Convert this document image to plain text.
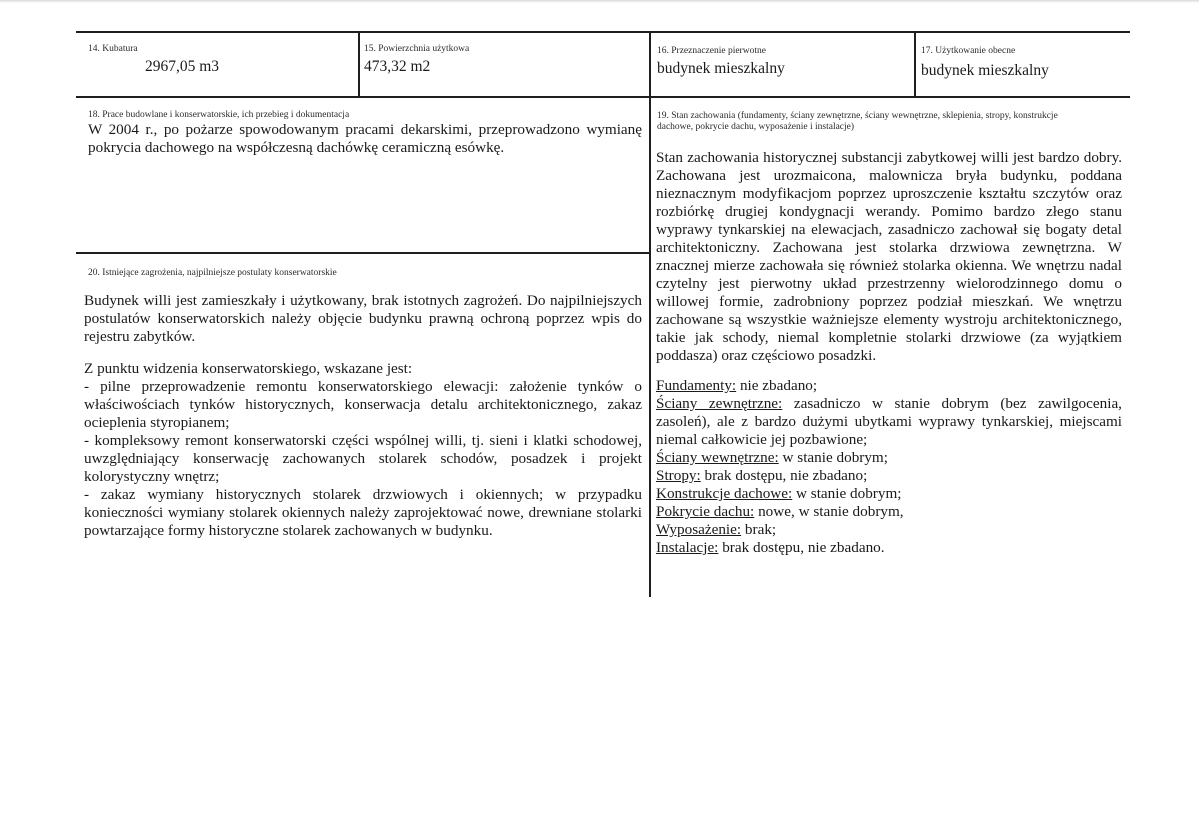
14. Kubatura
2967,05 m3
15. Powierzchnia użytkowa
473,32 m2
16. Przeznaczenie pierwotne
budynek mieszkalny
17. Użytkowanie obecne
budynek mieszkalny
18. Prace budowlane i konserwatorskie, ich przebieg i dokumentacja

W 2004 r., po pożarze spowodowanym pracami dekarskimi, przeprowadzono wymianę pokrycia dachowego na współczesną dachówkę ceramiczną esówkę.

19. Stan zachowania (fundamenty, ściany zewnętrzne, ściany wewnętrzne, sklepienia, stropy, konstrukcje dachowe, pokrycie dachu, wyposażenie i instalacje)

Stan zachowania historycznej substancji zabytkowej willi jest bardzo dobry. Zachowana jest urozmaicona, malownicza bryła budynku, poddana nieznacznym modyfikacjom poprzez uproszczenie kształtu szczytów oraz rozbiórkę drugiej kondygnacji werandy. Pomimo bardzo złego stanu wyprawy tynkarskiej na elewacjach, zasadniczo zachował się bogaty detal architektoniczny. Zachowana jest stolarka drzwiowa zewnętrzna. W znacznej mierze zachowała się również stolarka okienna. We wnętrzu nadal czytelny jest pierwotny układ przestrzenny wielorodzinnego domu o willowej formie, zadrobniony poprzez podział mieszkań. We wnętrzu zachowane są wszystkie ważniejsze elementy wystroju architektonicznego, takie jak schody, niemal kompletnie stolarki drzwiowe (za wyjątkiem poddasza) oraz częściowo posadzki.

Fundamenty: nie zbadano;
Ściany zewnętrzne: zasadniczo w stanie dobrym (bez zawilgocenia, zasoleń), ale z bardzo dużymi ubytkami wyprawy tynkarskiej, miejscami niemal całkowicie jej pozbawione;
Ściany wewnętrzne: w stanie dobrym;
Stropy: brak dostępu, nie zbadano;
Konstrukcje dachowe: w stanie dobrym;
Pokrycie dachu: nowe, w stanie dobrym,
Wyposażenie: brak;
Instalacje: brak dostępu, nie zbadano.
20. Istniejące zagrożenia, najpilniejsze postulaty konserwatorskie

Budynek willi jest zamieszkały i użytkowany, brak istotnych zagrożeń. Do najpilniejszych postulatów konserwatorskich należy objęcie budynku prawną ochroną poprzez wpis do rejestru zabytków.

Z punktu widzenia konserwatorskiego, wskazane jest:
- pilne przeprowadzenie remontu konserwatorskiego elewacji: założenie tynków o właściwościach tynków historycznych, konserwacja detalu architektonicznego, zakaz ocieplenia styropianem;
- kompleksowy remont konserwatorski części wspólnej willi, tj. sieni i klatki schodowej, uwzględniający konserwację zachowanych stolarek schodów, posadzek i projekt kolorystyczny wnętrz;
- zakaz wymiany historycznych stolarek drzwiowych i okiennych; w przypadku konieczności wymiany stolarek okiennych należy zaprojektować nowe, drewniane stolarki powtarzające formy historyczne stolarek zachowanych w budynku.
